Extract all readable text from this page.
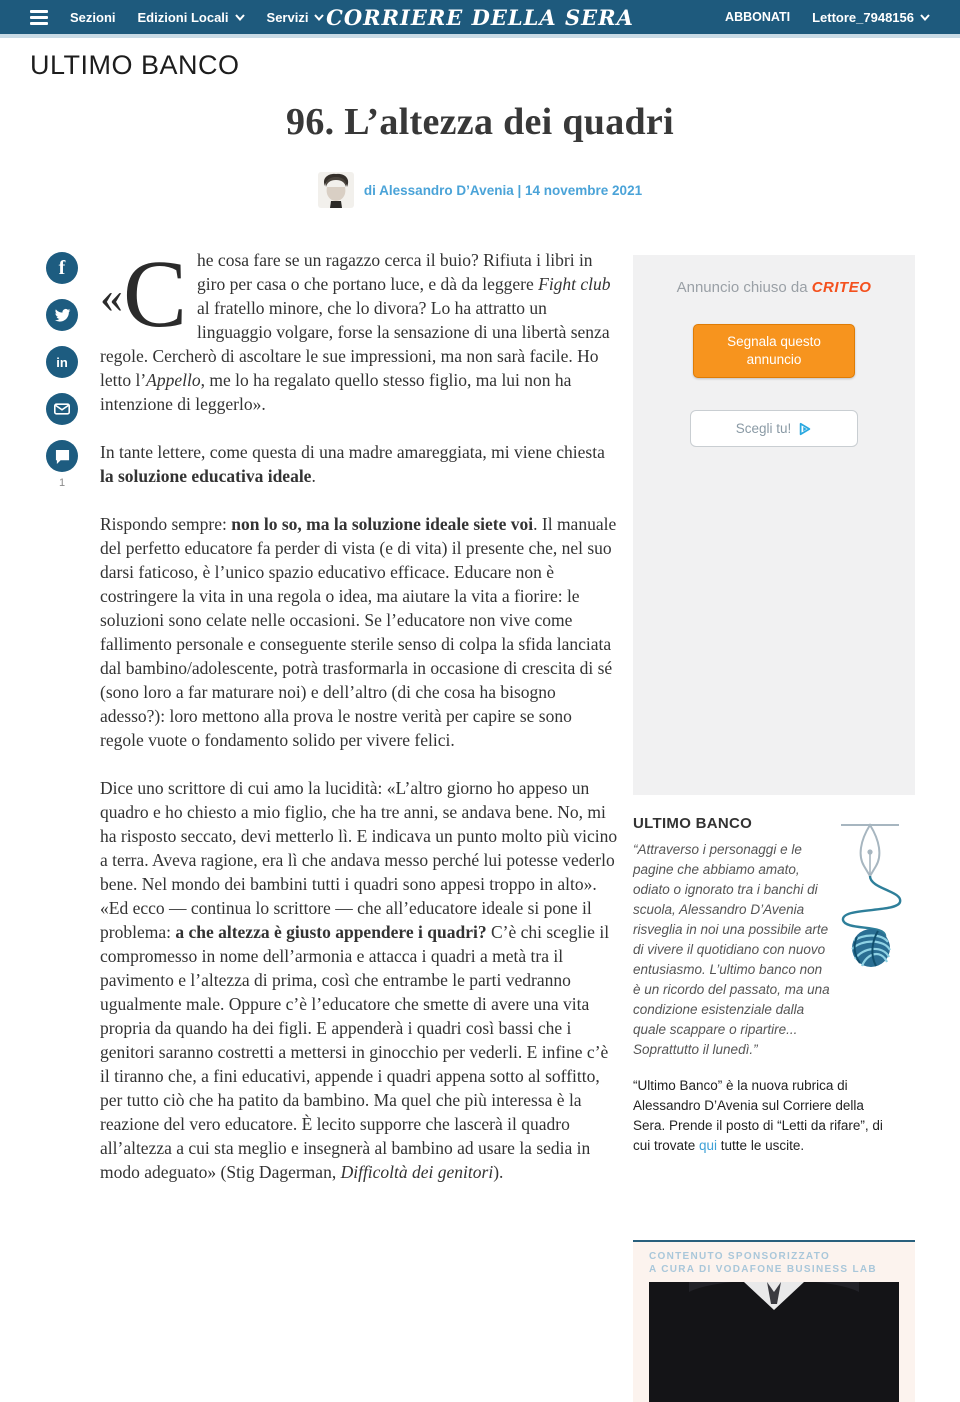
Sezioni Edizioni Locali	Servizi CORRIERE DELLA SERA	ABBONATI Lettore_7948156
ULTIMO BANCO
96. L’altezza dei quadri
di Alessandro D’Avenia | 14 novembre 2021
f
in
1

« C he cosa fare se un ragazzo cerca il buio? Rifiuta i libri in giro per casa o che portano luce, e dà da leggere Fight club al fratello minore, che lo divora? Lo ha attratto un linguaggio volgare, forse la sensazione di una libertà senza regole. Cercherò di ascoltare le sue impressioni, ma non sarà facile. Ho letto l’Appello, me lo ha regalato quello stesso figlio, ma lui non ha intenzione di leggerlo».

In tante lettere, come questa di una madre amareggiata, mi viene chiesta la soluzione educativa ideale.

Rispondo sempre: non lo so, ma la soluzione ideale siete voi. Il manuale del perfetto educatore fa perder di vista (e di vita) il presente che, nel suo darsi faticoso, è l’unico spazio educativo efficace. Educare non è costringere la vita in una regola o idea, ma aiutare la vita a fiorire: le soluzioni sono celate nelle occasioni. Se l’educatore non vive come fallimento personale e conseguente sterile senso di colpa la sfida lanciata dal bambino/adolescente, potrà trasformarla in occasione di crescita di sé (sono loro a far maturare noi) e dell’altro (di che cosa ha bisogno adesso?): loro mettono alla prova le nostre verità per capire se sono regole vuote o fondamento solido per vivere felici.

Dice uno scrittore di cui amo la lucidità: «L’altro giorno ho appeso un quadro e ho chiesto a mio figlio, che ha tre anni, se andava bene. No, mi ha risposto seccato, devi metterlo lì. E indicava un punto molto più vicino a terra. Aveva ragione, era lì che andava messo perché lui potesse vederlo bene. Nel mondo dei bambini tutti i quadri sono appesi troppo in alto». «Ed ecco — continua lo scrittore — che all’educatore ideale si pone il problema: a che altezza è giusto appendere i quadri? C’è chi sceglie il compromesso in nome dell’armonia e attacca i quadri a metà tra il pavimento e l’altezza di prima, così che entrambe le parti vedranno ugualmente male. Oppure c’è l’educatore che smette di avere una vita propria da quando ha dei figli. E appenderà i quadri così bassi che i genitori saranno costretti a mettersi in ginocchio per vederli. E infine c’è il tiranno che, a fini educativi, appende i quadri appena sotto al soffitto, per tutto ciò che ha patito da bambino. Ma quel che più interessa è la reazione del vero educatore. È lecito supporre che lascerà il quadro all’altezza a cui sta meglio e insegnerà al bambino ad usare la sedia in modo adeguato» (Stig Dagerman, Difficoltà dei genitori).

Annuncio chiuso da CRITEO
Segnala questo annuncio
Scegli tu!
ULTIMO BANCO

“Attraverso i personaggi e le pagine che abbiamo amato, odiato o ignorato tra i banchi di scuola, Alessandro D’Avenia risveglia in noi una possibile arte di vivere il quotidiano con nuovo entusiasmo. L’ultimo banco non è un ricordo del passato, ma una condizione esistenziale dalla quale scappare o ripartire... Soprattutto il lunedì.”

“Ultimo Banco” è la nuova rubrica di Alessandro D’Avenia sul Corriere della Sera. Prende il posto di “Letti da rifare”, di cui trovate qui tutte le uscite.

CONTENUTO SPONSORIZZATO
A CURA DI VODAFONE BUSINESS LAB
